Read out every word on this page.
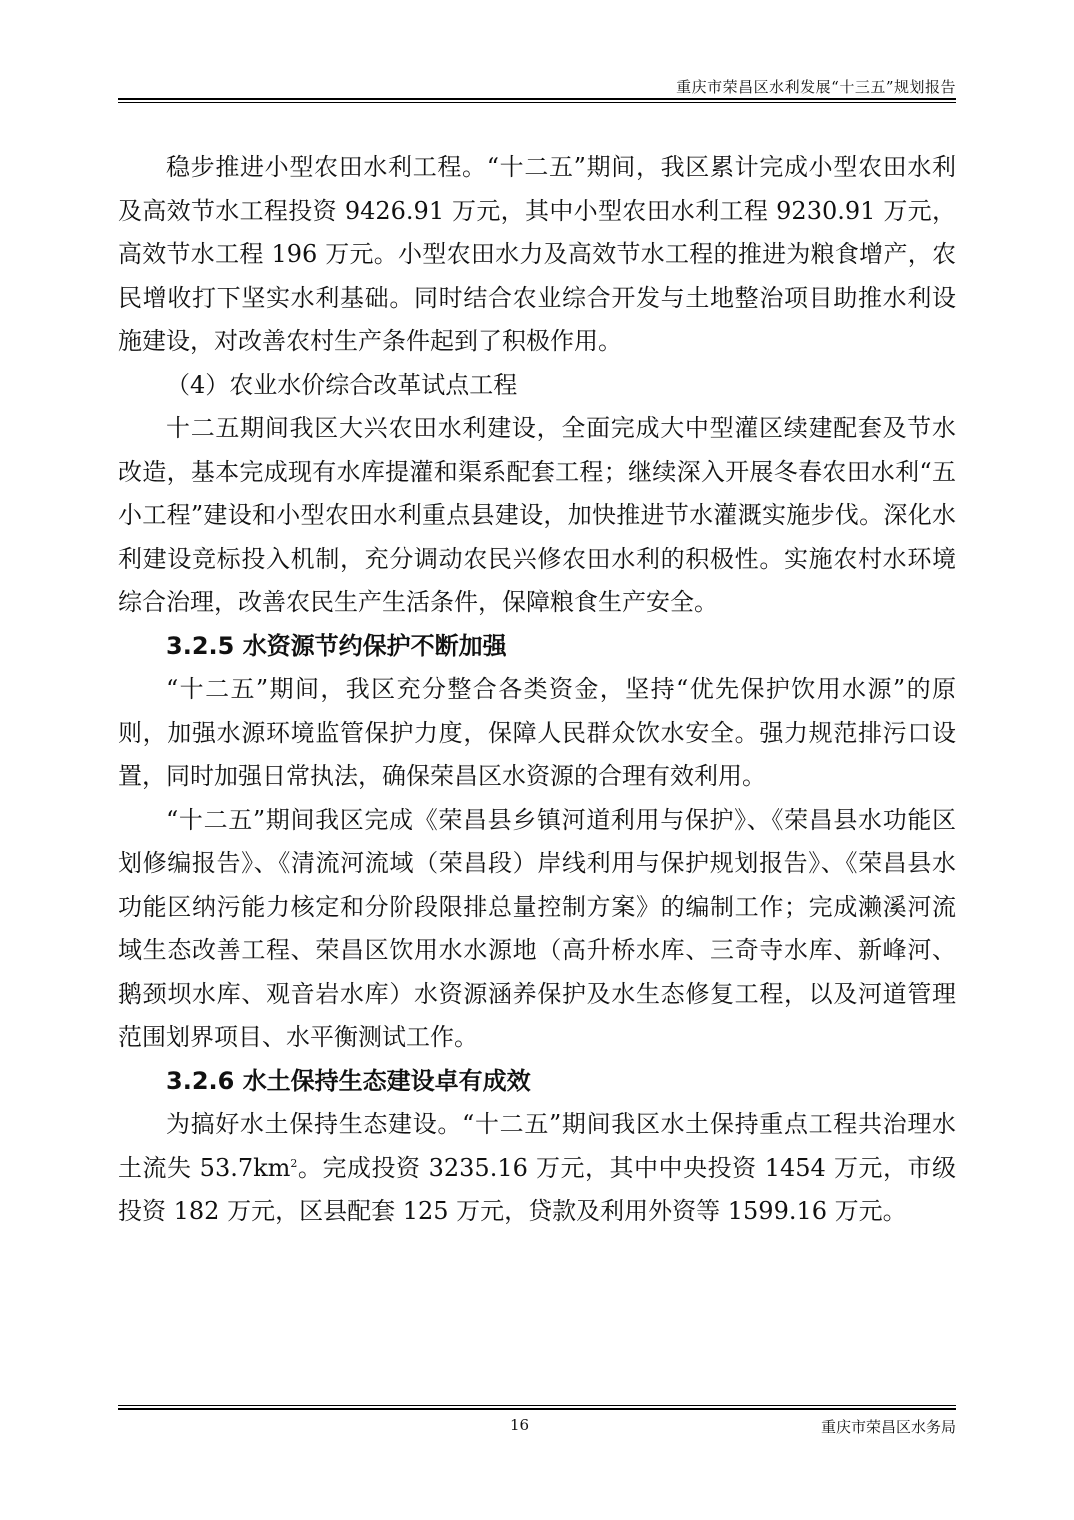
重庆市荣昌区水利发展“十三五”规划报告

稳步推进小型农田水利工程。“十二五”期间，我区累计完成小型农田水利及高效节水工程投资 9426.91 万元，其中小型农田水利工程 9230.91 万元，高效节水工程 196 万元。小型农田水力及高效节水工程的推进为粮食增产，农民增收打下坚实水利基础。同时结合农业综合开发与土地整治项目助推水利设施建设，对改善农村生产条件起到了积极作用。

（4）农业水价综合改革试点工程

十二五期间我区大兴农田水利建设，全面完成大中型灌区续建配套及节水改造，基本完成现有水库提灌和渠系配套工程；继续深入开展冬春农田水利“五小工程”建设和小型农田水利重点县建设，加快推进节水灌溉实施步伐。深化水利建设竞标投入机制，充分调动农民兴修农田水利的积极性。实施农村水环境综合治理，改善农民生产生活条件，保障粮食生产安全。

3.2.5 水资源节约保护不断加强

“十二五”期间，我区充分整合各类资金，坚持“优先保护饮用水源”的原则，加强水源环境监管保护力度，保障人民群众饮水安全。强力规范排污口设置，同时加强日常执法，确保荣昌区水资源的合理有效利用。

“十二五”期间我区完成《荣昌县乡镇河道利用与保护》、《荣昌县水功能区划修编报告》、《清流河流域（荣昌段）岸线利用与保护规划报告》、《荣昌县水功能区纳污能力核定和分阶段限排总量控制方案》的编制工作；完成濑溪河流域生态改善工程、荣昌区饮用水水源地（高升桥水库、三奇寺水库、新峰河、鹅颈坝水库、观音岩水库）水资源涵养保护及水生态修复工程，以及河道管理范围划界项目、水平衡测试工作。

3.2.6 水土保持生态建设卓有成效

为搞好水土保持生态建设。“十二五”期间我区水土保持重点工程共治理水土流失 $53.7km^2$。完成投资 3235.16 万元，其中中央投资 1454 万元，市级投资 182 万元，区县配套 125 万元，贷款及利用外资等 1599.16 万元。

16	重庆市荣昌区水务局
